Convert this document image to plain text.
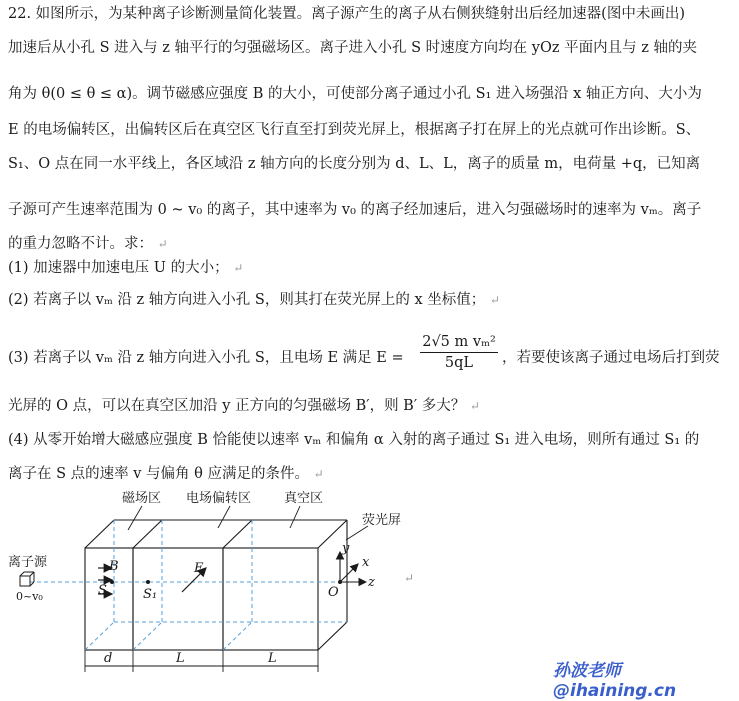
22. 如图所示，为某种离子诊断测量简化装置。离子源产生的离子从右侧狭缝射出后经加速器(图中未画出)
加速后从小孔 S 进入与 z 轴平行的匀强磁场区。离子进入小孔 S 时速度方向均在 yOz 平面内且与 z 轴的夹
角为 θ(0 ≤ θ ≤ α)。调节磁感应强度 B 的大小，可使部分离子通过小孔 S₁ 进入场强沿 x 轴正方向、大小为
E 的电场偏转区，出偏转区后在真空区飞行直至打到荧光屏上，根据离子打在屏上的光点就可作出诊断。S、
S₁、O 点在同一水平线上，各区域沿 z 轴方向的长度分别为 d、L、L，离子的质量 m，电荷量 +q，已知离
子源可产生速率范围为 0 ~ v₀ 的离子，其中速率为 v₀ 的离子经加速后，进入匀强磁场时的速率为 vₘ。离子
的重力忽略不计。求： ↵
(1) 加速器中加速电压 U 的大小； ↵
(2) 若离子以 vₘ 沿 z 轴方向进入小孔 S，则其打在荧光屏上的 x 坐标值； ↵
(3) 若离子以 vₘ 沿 z 轴方向进入小孔 S，且电场 E 满足 $E = \frac{\text{2√5 m vₘ²}}{5qL}$ ，若要使该离子通过电场后打到荧
光屏的 O 点，可以在真空区加沿 y 正方向的匀强磁场 B′，则 B′ 多大？ ↵
(4) 从零开始增大磁感应强度 B 恰能使以速率 vₘ 和偏角 α 入射的离子通过 S₁ 进入电场，则所有通过 S₁ 的
离子在 S 点的速率 v 与偏角 θ 应满足的条件。 ↵
磁场区 电场偏转区	真空区
荧光屏
离子源
0~v₀
B	E
S	S₁	O
y
x
z
d	L	L
↵
孙波老师@ihaining.cn
